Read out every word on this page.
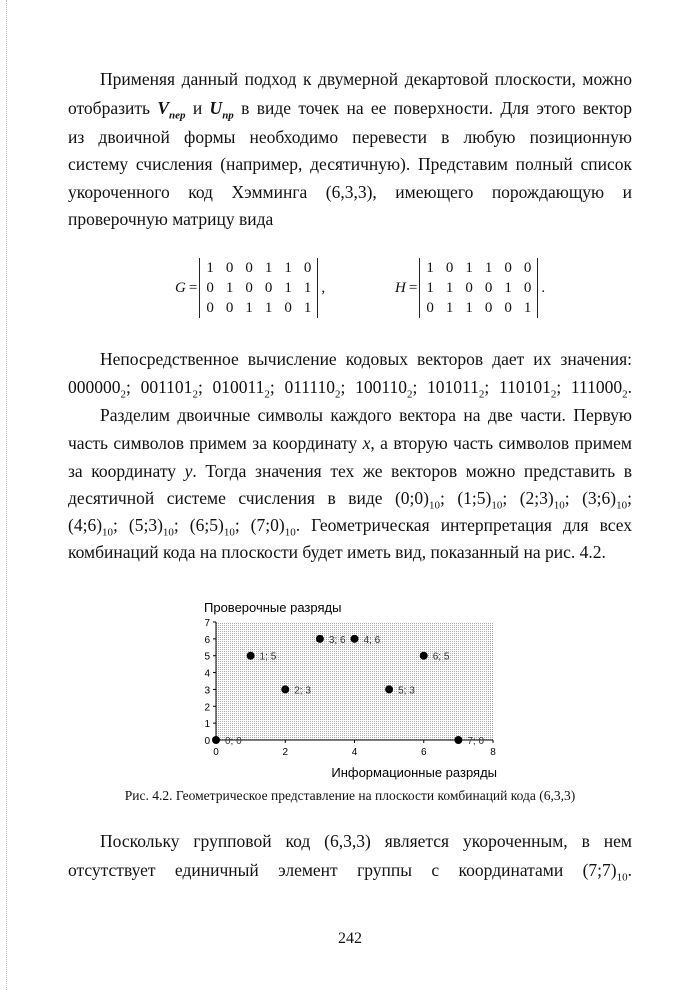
Применяя данный подход к двумерной декартовой плоскости, можно
отобразить $V_{пер}$ и $U_{пр}$ в виде точек на ее поверхности. Для этого вектор
из двоичной формы необходимо перевести в любую позиционную
систему счисления (например, десятичную). Представим полный список
укороченного код Хэмминга (6,3,3), имеющего порождающую и
проверочную матрицу вида
Непосредственное вычисление кодовых векторов дает их значения:
$000000_2$; $001101_2$; $010011_2$; $011110_2$; $100110_2$; $101011_2$; $110101_2$; $111000_2$.
Разделим двоичные символы каждого вектора на две части. Первую
часть символов примем за координату x, а вторую часть символов примем
за координату y. Тогда значения тех же векторов можно представить в
десятичной системе счисления в виде $(0;0)_{10}$; $(1;5)_{10}$; $(2;3)_{10}$; $(3;6)_{10}$;
$(4;6)_{10}$; $(5;3)_{10}$; $(6;5)_{10}$; $(7;0)_{10}$. Геометрическая интерпретация для всех
комбинаций кода на плоскости будет иметь вид, показанный на рис. 4.2.
Поскольку групповой код (6,3,3) является укороченным, в нем
отсутствует единичный элемент группы с координатами $(7;7)_{10}$.
G =
1	0	0	1	1	0
0	1	0	0	1	1
0	0	1	1	0	1
,	H =
1	0	1	1	0	0
1	1	0	0	1	0
0	1	1	0	0	1
.
Проверочные разряды
Информационные разряды
0
1
2
3
4
5
6
7
0	2	4	6	8
0; 0
1; 5
2; 3
3; 6 4; 6
5; 3
6; 5
7; 0
Рис. 4.2. Геометрическое представление на плоскости комбинаций кода (6,3,3)
242
